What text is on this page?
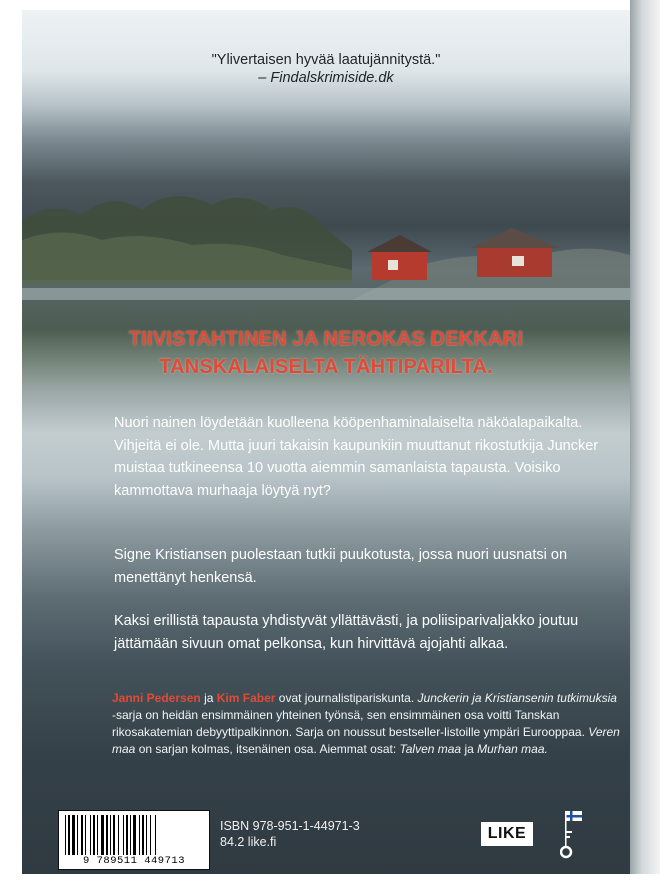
"Ylivertaisen hyvää laatujännitystä."
– Findalskrimiside.dk
TIIVISTAHTINEN JA NEROKAS DEKKARI
TANSKALAISELTA TÄHTIPARILTA.
Nuori nainen löydetään kuolleena kööpenhaminalaiselta näköalapaikalta. Vihjeitä ei ole. Mutta juuri takaisin kaupunkiin muuttanut rikostutkija Juncker muistaa tutkineensa 10 vuotta aiemmin samanlaista tapausta. Voisiko kammottava murhaaja löytyä nyt?
Signe Kristiansen puolestaan tutkii puukotusta, jossa nuori uusnatsi on menettänyt henkensä.
Kaksi erillistä tapausta yhdistyvät yllättävästi, ja poliisiparivaljakko joutuu jättämään sivuun omat pelkonsa, kun hirvittävä ajojahti alkaa.
Janni Pedersen ja Kim Faber ovat journalistipariskunta. Junckerin ja Kristiansenin tutkimuksia -sarja on heidän ensimmäinen yhteinen työnsä, sen ensimmäinen osa voitti Tanskan rikosakatemian debyyttipalkinnon. Sarja on noussut bestseller-listoille ympäri Eurooppaa. Veren maa on sarjan kolmas, itsenäinen osa. Aiemmat osat: Talven maa ja Murhan maa.
9 789511 449713
ISBN 978-951-1-44971-3
84.2 like.fi	LIKE
